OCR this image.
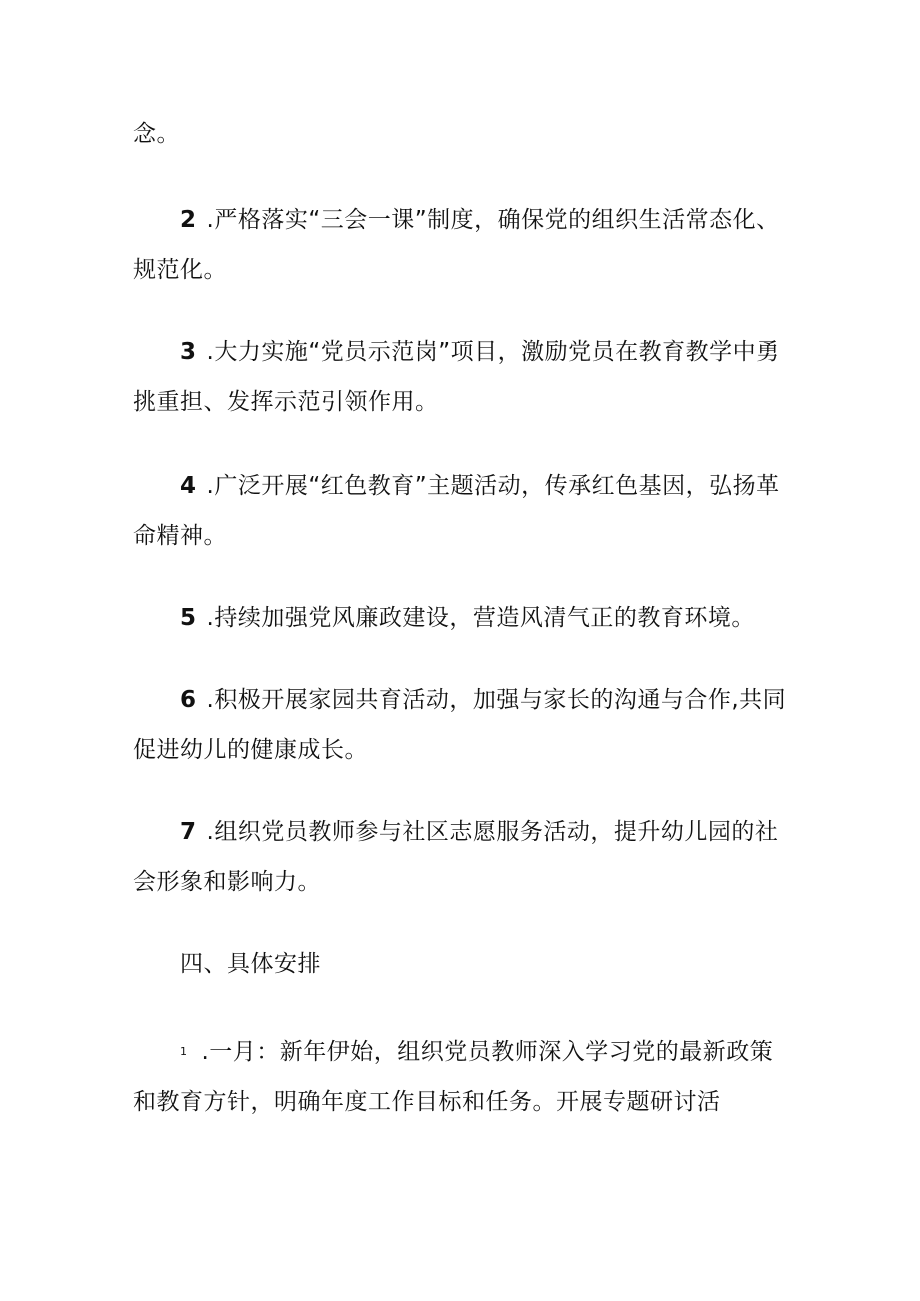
念。
2 .严格落实“三会一课”制度，确保党的组织生活常态化、
规范化。
3 .大力实施“党员示范岗”项目，激励党员在教育教学中勇
挑重担、发挥示范引领作用。
4 .广泛开展“红色教育”主题活动，传承红色基因，弘扬革
命精神。
5 .持续加强党风廉政建设，营造风清气正的教育环境。
6 .积极开展家园共育活动，加强与家长的沟通与合作,共同
促进幼儿的健康成长。
7 .组织党员教师参与社区志愿服务活动，提升幼儿园的社
会形象和影响力。
四、具体安排
1 .一月：新年伊始，组织党员教师深入学习党的最新政策
和教育方针，明确年度工作目标和任务。开展专题研讨活
